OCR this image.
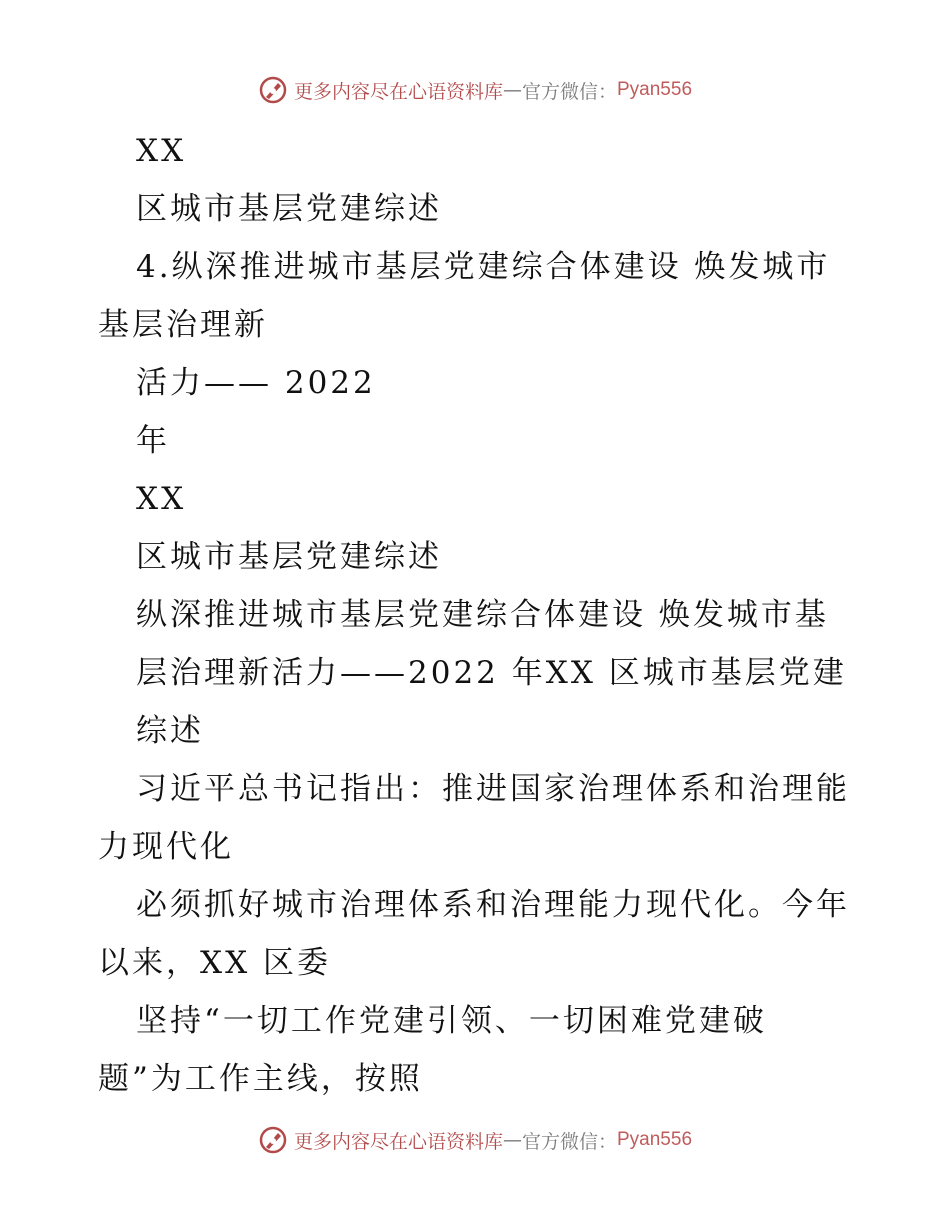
更多内容尽在心语资料库 — 官方微信： Pyan556
XX
区城市基层党建综述
4.纵深推进城市基层党建综合体建设 焕发城市
基层治理新
活力—— 2022
年
XX
区城市基层党建综述
纵深推进城市基层党建综合体建设 焕发城市基
层治理新活力——2022 年XX 区城市基层党建
综述
习近平总书记指出：推进国家治理体系和治理能
力现代化
必须抓好城市治理体系和治理能力现代化。今年
以来，XX 区委
坚持“一切工作党建引领、一切困难党建破
题”为工作主线，按照
更多内容尽在心语资料库 — 官方微信： Pyan556
